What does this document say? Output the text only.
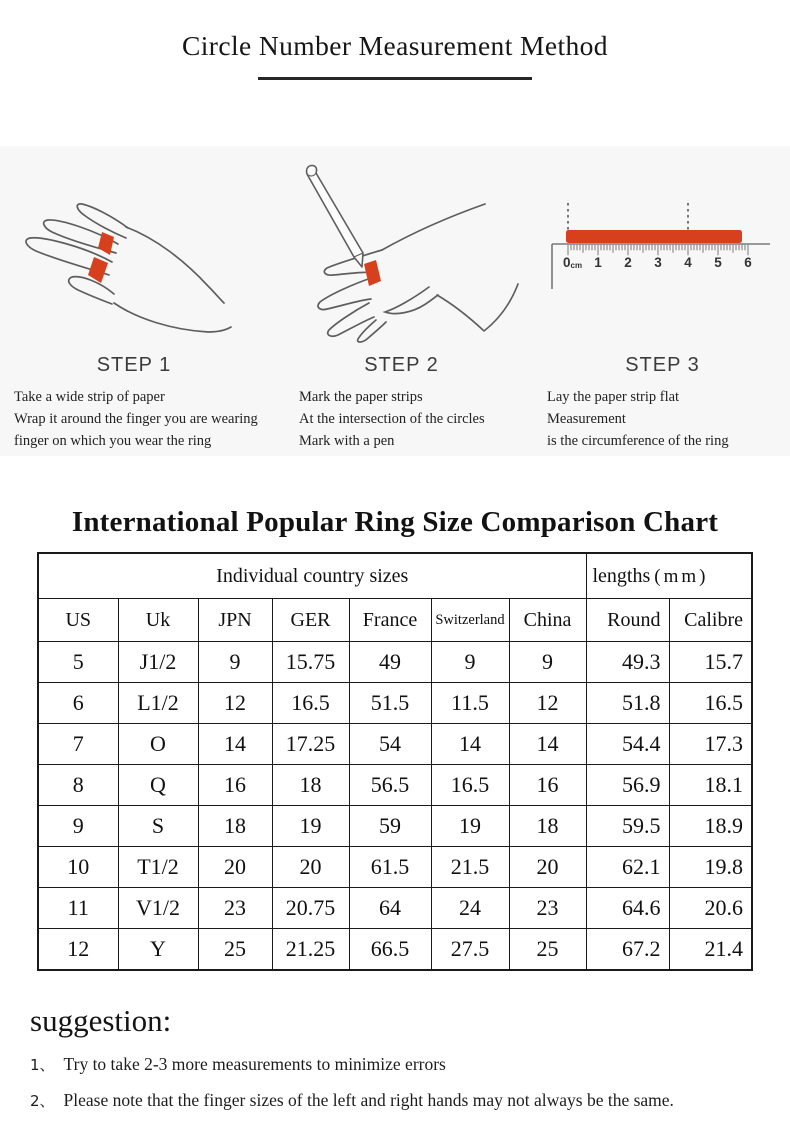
Circle Number Measurement Method
STEP 1
Take a wide strip of paper
Wrap it around the finger you are wearing
finger on which you wear the ring
STEP 2
Mark the paper strips
At the intersection of the circles
Mark with a pen
0cm 1 2 3 4 5 6
STEP 3
Lay the paper strip flat
Measurement
is the circumference of the ring
International Popular Ring Size Comparison Chart
Individual country sizes							lengths (mm)	
US	Uk	JPN	GER	France	Switzerland	China	Round	Calibre
5	J1/2	9	15.75	49	9	9	49.3	15.7
6	L1/2	12	16.5	51.5	11.5	12	51.8	16.5
7	O	14	17.25	54	14	14	54.4	17.3
8	Q	16	18	56.5	16.5	16	56.9	18.1
9	S	18	19	59	19	18	59.5	18.9
10	T1/2	20	20	61.5	21.5	20	62.1	19.8
11	V1/2	23	20.75	64	24	23	64.6	20.6
12	Y	25	21.25	66.5	27.5	25	67.2	21.4
suggestion:
1、 Try to take 2-3 more measurements to minimize errors
2、 Please note that the finger sizes of the left and right hands may not always be the same.
